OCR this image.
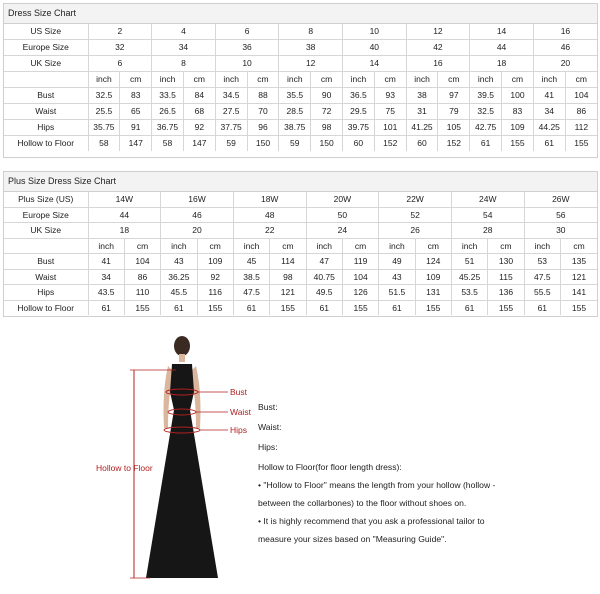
Dress Size Chart
US Size	2		4		6		8		10		12		14		16	
Europe Size	32		34		36		38		40		42		44		46	
UK Size	6		8		10		12		14		16		18		20	
	inch	cm	inch	cm	inch	cm	inch	cm	inch	cm	inch	cm	inch	cm	inch	cm
Bust	32.5	83	33.5	84	34.5	88	35.5	90	36.5	93	38	97	39.5	100	41	104
Waist	25.5	65	26.5	68	27.5	70	28.5	72	29.5	75	31	79	32.5	83	34	86
Hips	35.75	91	36.75	92	37.75	96	38.75	98	39.75	101	41.25	105	42.75	109	44.25	112
Hollow to Floor	58	147	58	147	59	150	59	150	60	152	60	152	61	155	61	155
Plus Size Dress Size Chart
Plus Size (US)	14W		16W		18W		20W		22W		24W		26W	
Europe Size	44		46		48		50		52		54		56	
UK Size	18		20		22		24		26		28		30	
	inch	cm	inch	cm	inch	cm	inch	cm	inch	cm	inch	cm	inch	cm
Bust	41	104	43	109	45	114	47	119	49	124	51	130	53	135
Waist	34	86	36.25	92	38.5	98	40.75	104	43	109	45.25	115	47.5	121
Hips	43.5	110	45.5	116	47.5	121	49.5	126	51.5	131	53.5	136	55.5	141
Hollow to Floor	61	155	61	155	61	155	61	155	61	155	61	155	61	155
Bust
Waist
Hips
Hollow to Floor

Bust:

Waist:

Hips:

Hollow to Floor(for floor length dress):

• "Hollow to Floor" means the length from your hollow (hollow -

between the collarbones) to the floor without shoes on.

• It is highly recommend that you ask a professional tailor to

measure your sizes based on "Measuring Guide".
